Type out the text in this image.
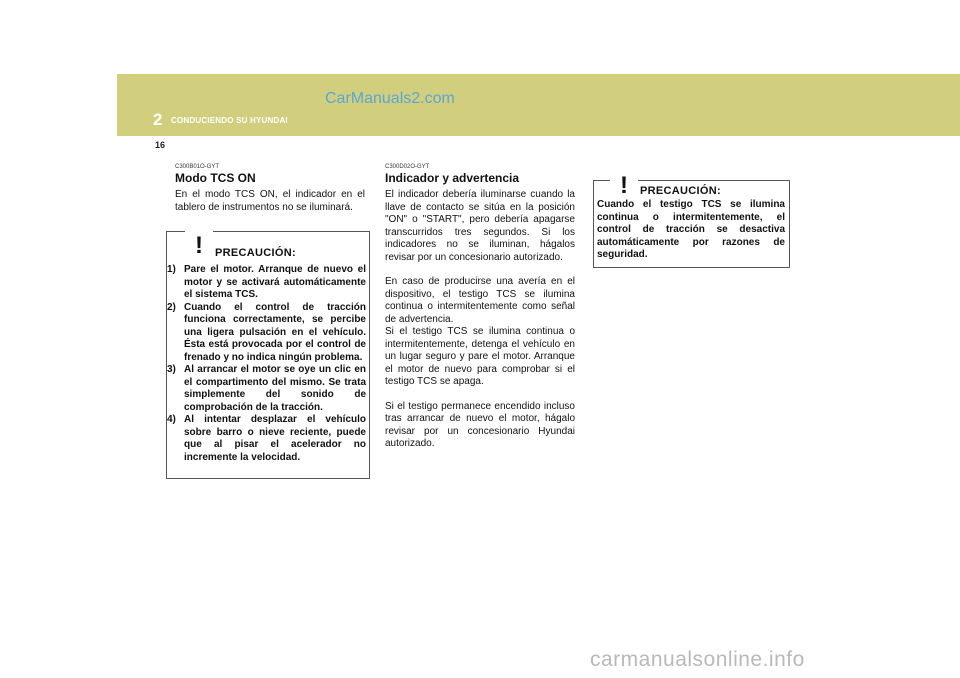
CarManuals2.com
2 CONDUCIENDO SU HYUNDAI
16

C300B01O-GYT

Modo TCS ON

En el modo TCS ON, el indicador en el tablero de instrumentos no se iluminará.

! PRECAUCIÓN:
1) Pare el motor. Arranque de nuevo el motor y se activará automáticamente el sistema TCS.
2) Cuando el control de tracción funciona correctamente, se percibe una ligera pulsación en el vehículo. Ésta está provocada por el control de frenado y no indica ningún problema.
3) Al arrancar el motor se oye un clic en el compartimento del mismo. Se trata simplemente del sonido de comprobación de la tracción.
4) Al intentar desplazar el vehículo sobre barro o nieve reciente, puede que al pisar el acelerador no incremente la velocidad.

C300D02O-GYT

Indicador y advertencia

El indicador debería iluminarse cuando la llave de contacto se sitúa en la posición "ON" o "START", pero debería apagarse transcurridos tres segundos. Si los indicadores no se iluminan, hágalos revisar por un concesionario autorizado.

En caso de producirse una avería en el dispositivo, el testigo TCS se ilumina continua o intermitentemente como señal de advertencia.

Si el testigo TCS se ilumina continua o intermitentemente, detenga el vehículo en un lugar seguro y pare el motor. Arranque el motor de nuevo para comprobar si el testigo TCS se apaga.

Si el testigo permanece encendido incluso tras arrancar de nuevo el motor, hágalo revisar por un concesionario Hyundai autorizado.

! PRECAUCIÓN:

Cuando el testigo TCS se ilumina continua o intermitentemente, el control de tracción se desactiva automáticamente por razones de seguridad.

carmanualsonline.info
